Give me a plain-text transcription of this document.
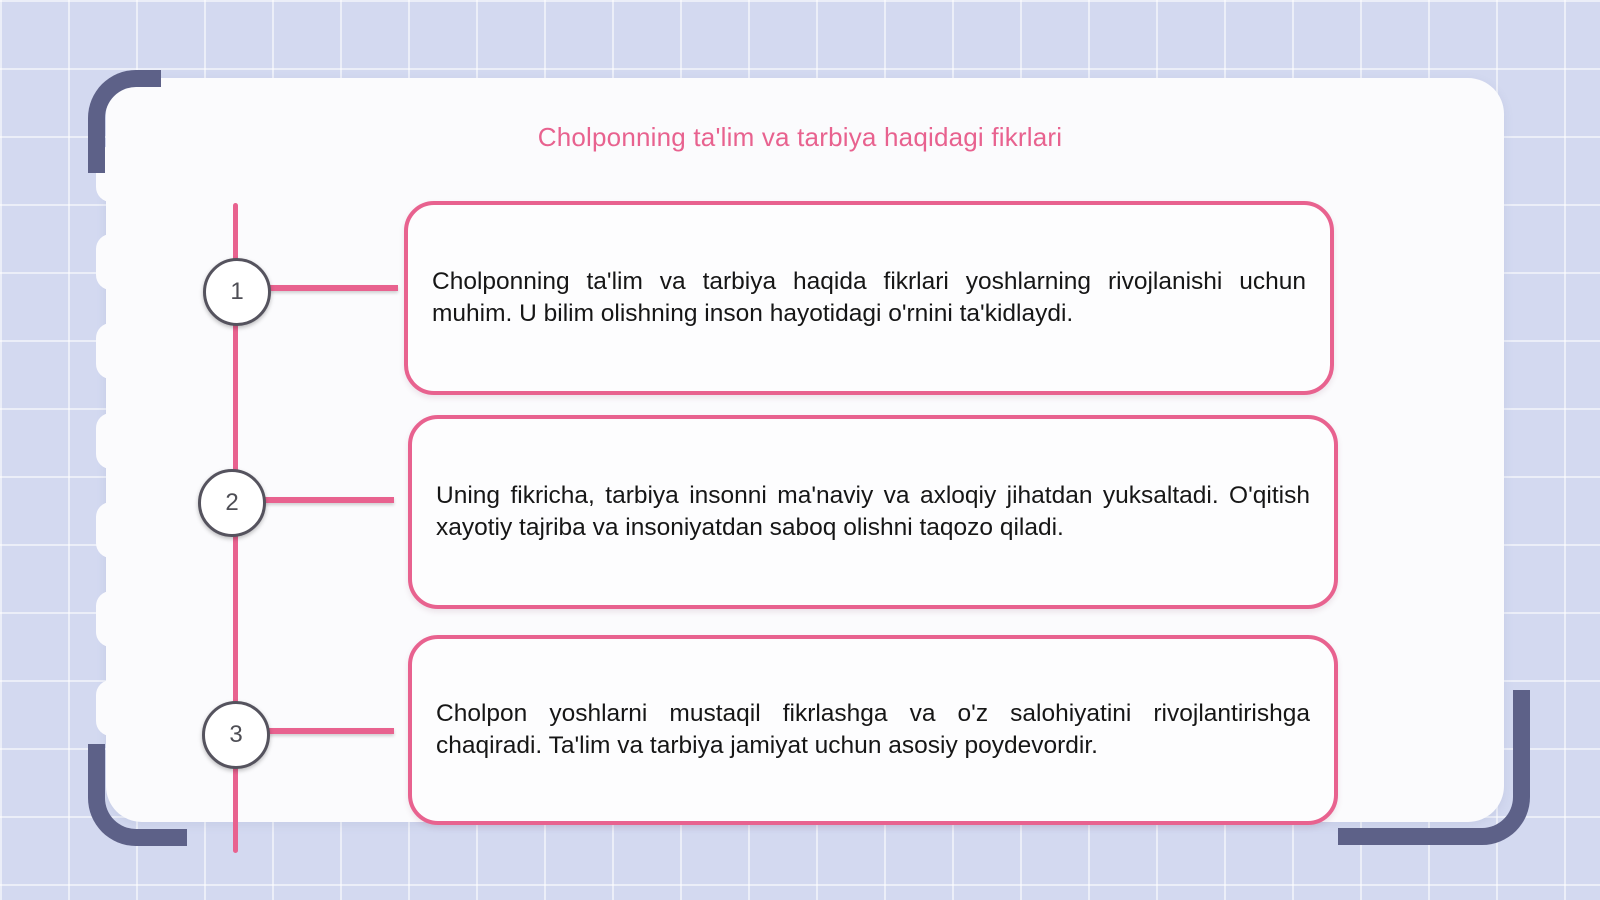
Cholponning ta'lim va tarbiya haqidagi fikrlari

Cholponning ta'lim va tarbiya haqida fikrlari yoshlarning rivojlanishi uchun muhim. U bilim olishning inson hayotidagi o'rnini ta'kidlaydi.

1

Uning fikricha, tarbiya insonni ma'naviy va axloqiy jihatdan yuksaltadi. O'qitish xayotiy tajriba va insoniyatdan saboq olishni taqozo qiladi.

2

Cholpon yoshlarni mustaqil fikrlashga va o'z salohiyatini rivojlantirishga chaqiradi. Ta'lim va tarbiya jamiyat uchun asosiy poydevordir.

3
